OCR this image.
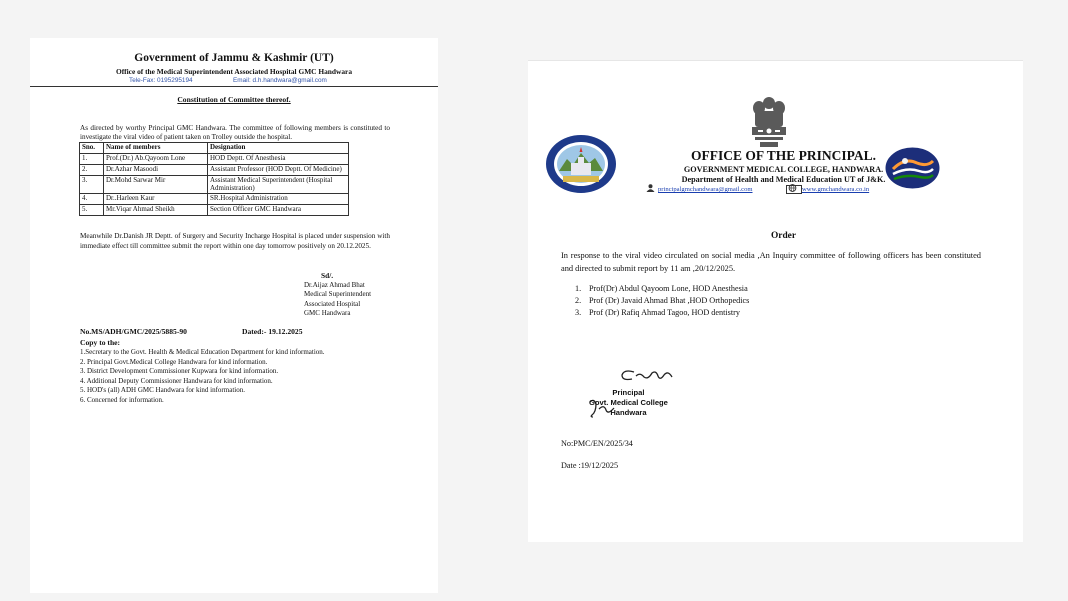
Government of Jammu & Kashmir (UT)
Office of the Medical Superintendent Associated Hospital GMC Handwara
Tele-Fax: 0195295194	Email: d.h.handwara@gmail.com
Constitution of Committee thereof.
As directed by worthy Principal GMC Handwara. The committee of following members is constituted to investigate the viral video of patient taken on Trolley outside the hospital.
Sno.	Name of members	Designation
1.	Prof.(Dr.) Ab.Qayoom Lone	HOD Deptt. Of Anesthesia
2.	Dr.Azhar Masoodi	Assistant Professor (HOD Deptt. Of Medicine)
3.	Dr.Mohd Sarwar Mir	Assistant Medical Superintendent (Hospital Administration)
4.	Dr..Harleen Kaur	SR.Hospital Administration
5.	Mr.Viqar Ahmad Sheikh	Section Officer GMC Handwara
Meanwhile Dr.Danish JR Deptt. of Surgery and Security Incharge Hospital is placed under suspension with immediate effect till committee submit the report within one day tomorrow positively on 20.12.2025.
Sd/.
Dr.Aijaz Ahmad Bhat
Medical Superintendent
Associated Hospital
GMC Handwara
No.MS/ADH/GMC/2025/5885-90	Dated:- 19.12.2025
Copy to the:
1.Secretary to the Govt. Health & Medical Education Department for kind information.
2. Principal Govt.Medical College Handwara for kind information.
3. District Development Commissioner Kupwara for kind information.
4. Additional Deputy Commissioner Handwara for kind information.
5. HOD's (all) ADH GMC Handwara for kind information.
6. Concerned for information.
OFFICE OF THE PRINCIPAL.
GOVERNMENT MEDICAL COLLEGE, HANDWARA.
Department of Health and Medical Education UT of J&K.
principalgmchandwara@gmail.com	www.gmchandwara.co.in
Order
In response to the viral video circulated on social media ,An Inquiry committee of following officers has been constituted and directed to submit report by 11 am ,20/12/2025.
1. Prof(Dr) Abdul Qayoom Lone, HOD Anesthesia
2. Prof (Dr) Javaid Ahmad Bhat ,HOD Orthopedics
3. Prof (Dr) Rafiq Ahmad Tagoo, HOD dentistry
Principal
Govt. Medical College
Handwara
No:PMC/EN/2025/34
Date :19/12/2025
